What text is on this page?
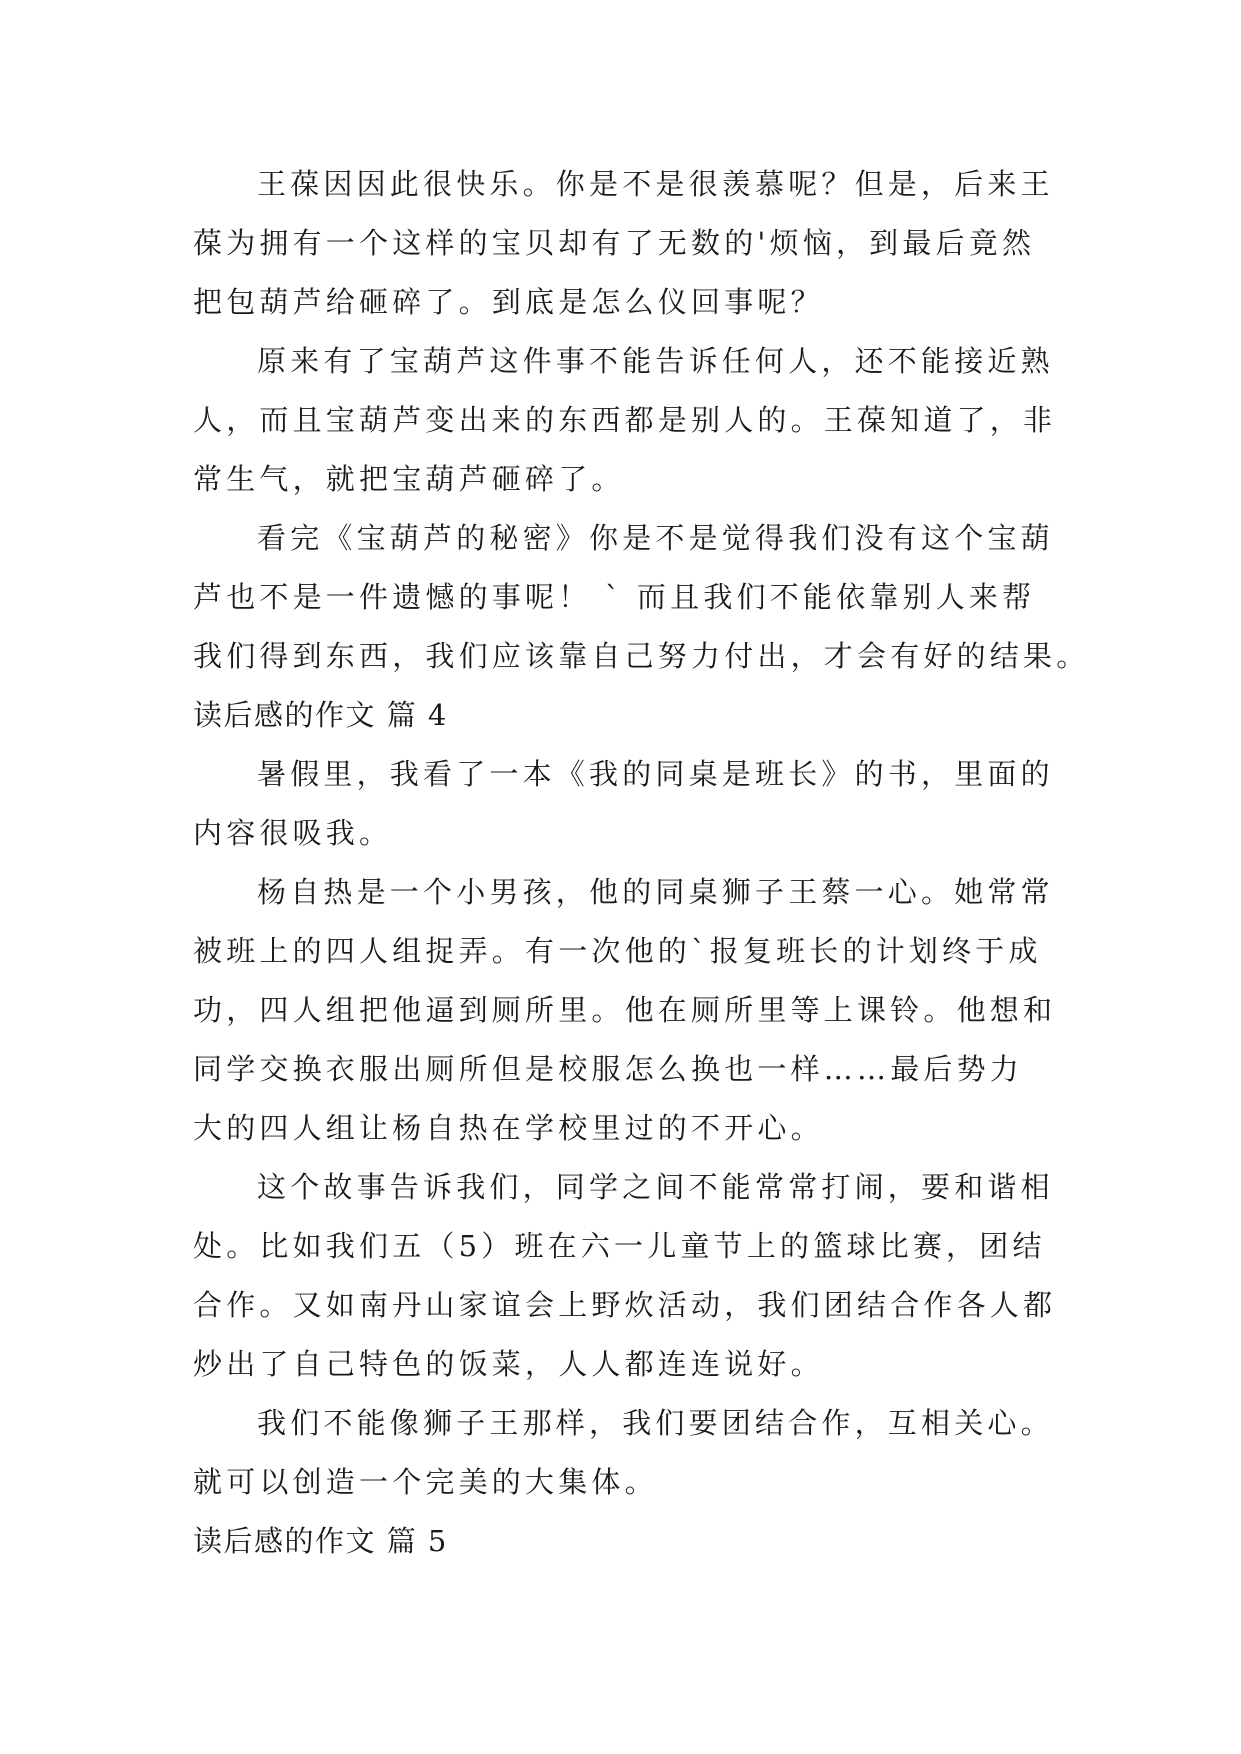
王葆因因此很快乐。你是不是很羡慕呢？但是，后来王
葆为拥有一个这样的宝贝却有了无数的'烦恼，到最后竟然
把包葫芦给砸碎了。到底是怎么仪回事呢？

原来有了宝葫芦这件事不能告诉任何人，还不能接近熟
人，而且宝葫芦变出来的东西都是别人的。王葆知道了，非
常生气，就把宝葫芦砸碎了。

看完《宝葫芦的秘密》你是不是觉得我们没有这个宝葫
芦也不是一件遗憾的事呢！ ` 而且我们不能依靠别人来帮
我们得到东西，我们应该靠自己努力付出，才会有好的结果。

读后感的作文 篇 4

暑假里，我看了一本《我的同桌是班长》的书，里面的
内容很吸我。

杨自热是一个小男孩，他的同桌狮子王蔡一心。她常常
被班上的四人组捉弄。有一次他的`报复班长的计划终于成
功，四人组把他逼到厕所里。他在厕所里等上课铃。他想和
同学交换衣服出厕所但是校服怎么换也一样……最后势力
大的四人组让杨自热在学校里过的不开心。

这个故事告诉我们，同学之间不能常常打闹，要和谐相
处。比如我们五（5）班在六一儿童节上的篮球比赛，团结
合作。又如南丹山家谊会上野炊活动，我们团结合作各人都
炒出了自己特色的饭菜，人人都连连说好。

我们不能像狮子王那样，我们要团结合作，互相关心。
就可以创造一个完美的大集体。

读后感的作文 篇 5
